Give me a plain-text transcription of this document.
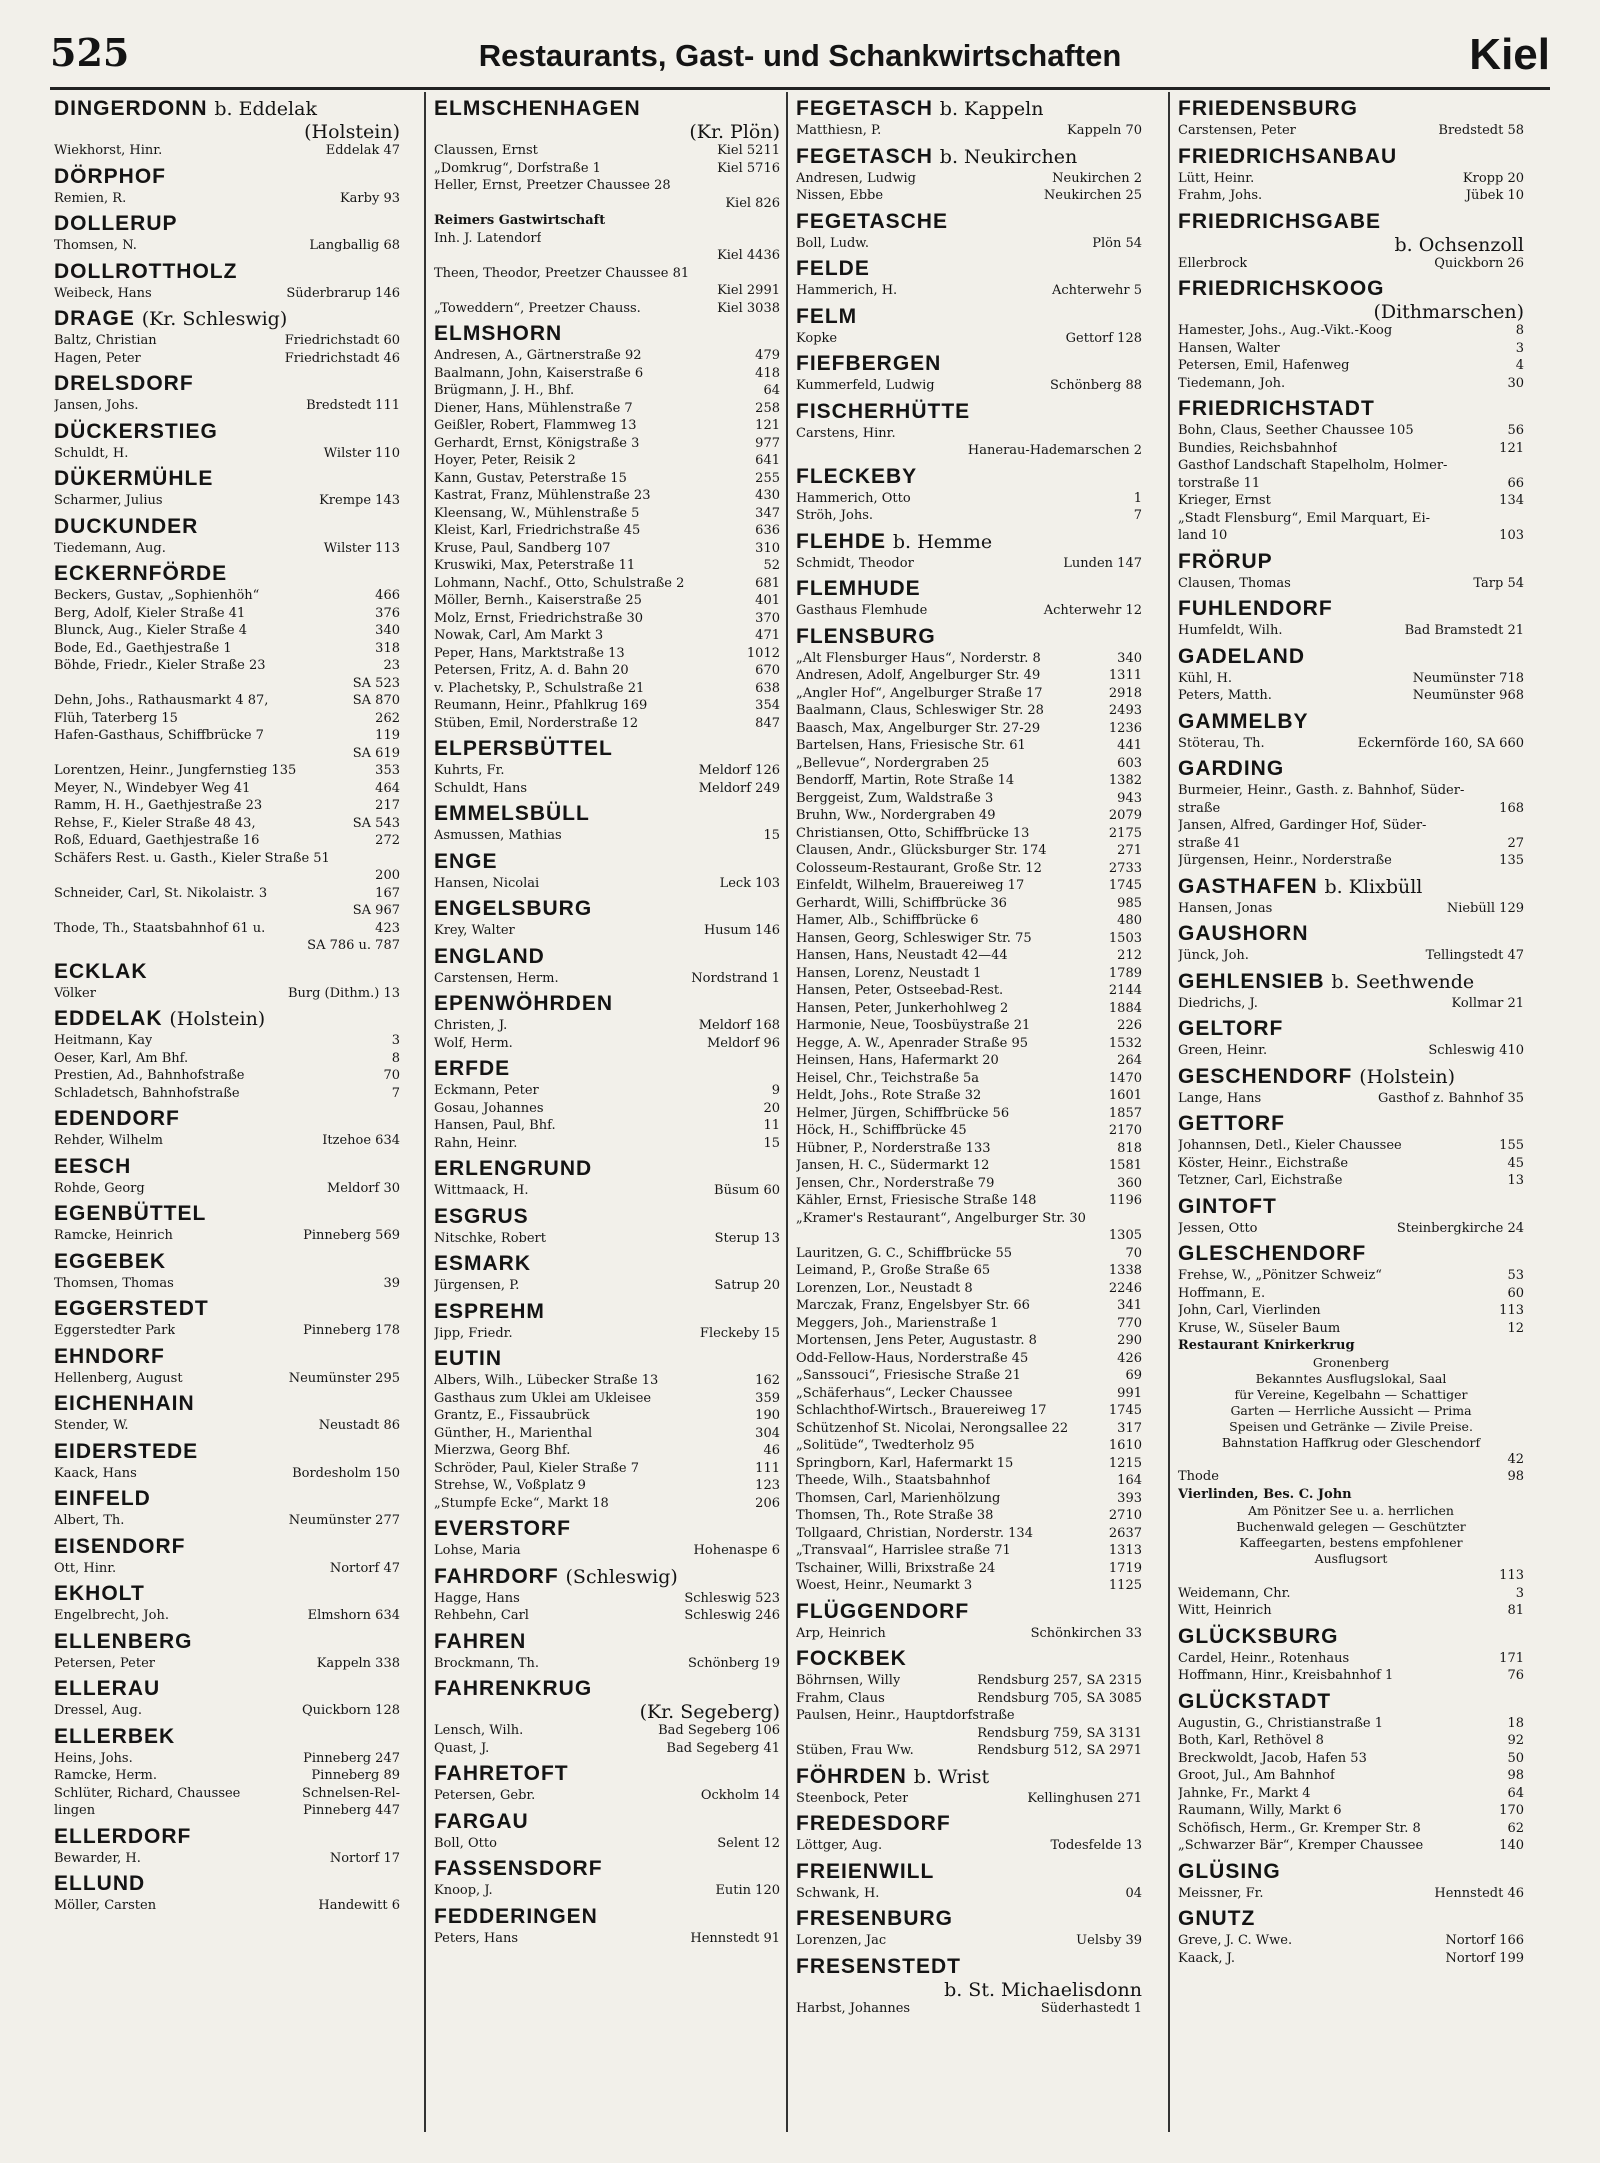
525	Restaurants, Gast- und Schankwirtschaften	Kiel
DINGERDONN b. Eddelak
(Holstein)
Wiekhorst, Hinr.	Eddelak 47
DÖRPHOF
Remien, R.	Karby 93
DOLLERUP
Thomsen, N.	Langballig 68
DOLLROTTHOLZ
Weibeck, Hans	Süderbrarup 146
DRAGE (Kr. Schleswig)
Baltz, Christian	Friedrichstadt 60
Hagen, Peter	Friedrichstadt 46
DRELSDORF
Jansen, Johs.	Bredstedt 111
DÜCKERSTIEG
Schuldt, H.	Wilster 110
DÜKERMÜHLE
Scharmer, Julius	Krempe 143
DUCKUNDER
Tiedemann, Aug.	Wilster 113
ECKERNFÖRDE
Beckers, Gustav, „Sophienhöh“	466
Berg, Adolf, Kieler Straße 41	376
Blunck, Aug., Kieler Straße 4	340
Bode, Ed., Gaethjestraße 1	318
Böhde, Friedr., Kieler Straße 23	23
SA 523
Dehn, Johs., Rathausmarkt 4 87,	SA 870
Flüh, Taterberg 15	262
Hafen-Gasthaus, Schiffbrücke 7	119
SA 619
Lorentzen, Heinr., Jungfernstieg 135	353
Meyer, N., Windebyer Weg 41	464
Ramm, H. H., Gaethjestraße 23	217
Rehse, F., Kieler Straße 48 43,	SA 543
Roß, Eduard, Gaethjestraße 16	272
Schäfers Rest. u. Gasth., Kieler Straße 51
200
Schneider, Carl, St. Nikolaistr. 3	167
SA 967
Thode, Th., Staatsbahnhof 61 u.	423
SA 786 u. 787
ECKLAK
Völker	Burg (Dithm.) 13
EDDELAK (Holstein)
Heitmann, Kay	3
Oeser, Karl, Am Bhf.	8
Prestien, Ad., Bahnhofstraße	70
Schladetsch, Bahnhofstraße	7
EDENDORF
Rehder, Wilhelm	Itzehoe 634
EESCH
Rohde, Georg	Meldorf 30
EGENBÜTTEL
Ramcke, Heinrich	Pinneberg 569
EGGEBEK
Thomsen, Thomas	39
EGGERSTEDT
Eggerstedter Park	Pinneberg 178
EHNDORF
Hellenberg, August	Neumünster 295
EICHENHAIN
Stender, W.	Neustadt 86
EIDERSTEDE
Kaack, Hans	Bordesholm 150
EINFELD
Albert, Th.	Neumünster 277
EISENDORF
Ott, Hinr.	Nortorf 47
EKHOLT
Engelbrecht, Joh.	Elmshorn 634
ELLENBERG
Petersen, Peter	Kappeln 338
ELLERAU
Dressel, Aug.	Quickborn 128
ELLERBEK
Heins, Johs.	Pinneberg 247
Ramcke, Herm.	Pinneberg 89
Schlüter, Richard, Chaussee	Schnelsen-Rel-
lingen	Pinneberg 447
ELLERDORF
Bewarder, H.	Nortorf 17
ELLUND
Möller, Carsten	Handewitt 6
ELMSCHENHAGEN
(Kr. Plön)
Claussen, Ernst	Kiel 5211
„Domkrug“, Dorfstraße 1	Kiel 5716
Heller, Ernst, Preetzer Chaussee 28
Kiel 826
Reimers Gastwirtschaft
Inh. J. Latendorf
Kiel 4436
Theen, Theodor, Preetzer Chaussee 81
Kiel 2991
„Toweddern“, Preetzer Chauss.	Kiel 3038
ELMSHORN
Andresen, A., Gärtnerstraße 92	479
Baalmann, John, Kaiserstraße 6	418
Brügmann, J. H., Bhf.	64
Diener, Hans, Mühlenstraße 7	258
Geißler, Robert, Flammweg 13	121
Gerhardt, Ernst, Königstraße 3	977
Hoyer, Peter, Reisik 2	641
Kann, Gustav, Peterstraße 15	255
Kastrat, Franz, Mühlenstraße 23	430
Kleensang, W., Mühlenstraße 5	347
Kleist, Karl, Friedrichstraße 45	636
Kruse, Paul, Sandberg 107	310
Kruswiki, Max, Peterstraße 11	52
Lohmann, Nachf., Otto, Schulstraße 2	681
Möller, Bernh., Kaiserstraße 25	401
Molz, Ernst, Friedrichstraße 30	370
Nowak, Carl, Am Markt 3	471
Peper, Hans, Marktstraße 13	1012
Petersen, Fritz, A. d. Bahn 20	670
v. Plachetsky, P., Schulstraße 21	638
Reumann, Heinr., Pfahlkrug 169	354
Stüben, Emil, Norderstraße 12	847
ELPERSBÜTTEL
Kuhrts, Fr.	Meldorf 126
Schuldt, Hans	Meldorf 249
EMMELSBÜLL
Asmussen, Mathias	15
ENGE
Hansen, Nicolai	Leck 103
ENGELSBURG
Krey, Walter	Husum 146
ENGLAND
Carstensen, Herm.	Nordstrand 1
EPENWÖHRDEN
Christen, J.	Meldorf 168
Wolf, Herm.	Meldorf 96
ERFDE
Eckmann, Peter	9
Gosau, Johannes	20
Hansen, Paul, Bhf.	11
Rahn, Heinr.	15
ERLENGRUND
Wittmaack, H.	Büsum 60
ESGRUS
Nitschke, Robert	Sterup 13
ESMARK
Jürgensen, P.	Satrup 20
ESPREHM
Jipp, Friedr.	Fleckeby 15
EUTIN
Albers, Wilh., Lübecker Straße 13	162
Gasthaus zum Uklei am Ukleisee	359
Grantz, E., Fissaubrück	190
Günther, H., Marienthal	304
Mierzwa, Georg Bhf.	46
Schröder, Paul, Kieler Straße 7	111
Strehse, W., Voßplatz 9	123
„Stumpfe Ecke“, Markt 18	206
EVERSTORF
Lohse, Maria	Hohenaspe 6
FAHRDORF (Schleswig)
Hagge, Hans	Schleswig 523
Rehbehn, Carl	Schleswig 246
FAHREN
Brockmann, Th.	Schönberg 19
FAHRENKRUG
(Kr. Segeberg)
Lensch, Wilh.	Bad Segeberg 106
Quast, J.	Bad Segeberg 41
FAHRETOFT
Petersen, Gebr.	Ockholm 14
FARGAU
Boll, Otto	Selent 12
FASSENSDORF
Knoop, J.	Eutin 120
FEDDERINGEN
Peters, Hans	Hennstedt 91
FEGETASCH b. Kappeln
Matthiesn, P.	Kappeln 70
FEGETASCH b. Neukirchen
Andresen, Ludwig	Neukirchen 2
Nissen, Ebbe	Neukirchen 25
FEGETASCHE
Boll, Ludw.	Plön 54
FELDE
Hammerich, H.	Achterwehr 5
FELM
Kopke	Gettorf 128
FIEFBERGEN
Kummerfeld, Ludwig	Schönberg 88
FISCHERHÜTTE
Carstens, Hinr.
Hanerau-Hademarschen 2
FLECKEBY
Hammerich, Otto	1
Ströh, Johs.	7
FLEHDE b. Hemme
Schmidt, Theodor	Lunden 147
FLEMHUDE
Gasthaus Flemhude	Achterwehr 12
FLENSBURG
„Alt Flensburger Haus“, Norderstr. 8	340
Andresen, Adolf, Angelburger Str. 49	1311
„Angler Hof“, Angelburger Straße 17	2918
Baalmann, Claus, Schleswiger Str. 28	2493
Baasch, Max, Angelburger Str. 27-29	1236
Bartelsen, Hans, Friesische Str. 61	441
„Bellevue“, Nordergraben 25	603
Bendorff, Martin, Rote Straße 14	1382
Berggeist, Zum, Waldstraße 3	943
Bruhn, Ww., Nordergraben 49	2079
Christiansen, Otto, Schiffbrücke 13	2175
Clausen, Andr., Glücksburger Str. 174	271
Colosseum-Restaurant, Große Str. 12	2733
Einfeldt, Wilhelm, Brauereiweg 17	1745
Gerhardt, Willi, Schiffbrücke 36	985
Hamer, Alb., Schiffbrücke 6	480
Hansen, Georg, Schleswiger Str. 75	1503
Hansen, Hans, Neustadt 42—44	212
Hansen, Lorenz, Neustadt 1	1789
Hansen, Peter, Ostseebad-Rest.	2144
Hansen, Peter, Junkerhohlweg 2	1884
Harmonie, Neue, Toosbüystraße 21	226
Hegge, A. W., Apenrader Straße 95	1532
Heinsen, Hans, Hafermarkt 20	264
Heisel, Chr., Teichstraße 5a	1470
Heldt, Johs., Rote Straße 32	1601
Helmer, Jürgen, Schiffbrücke 56	1857
Höck, H., Schiffbrücke 45	2170
Hübner, P., Norderstraße 133	818
Jansen, H. C., Südermarkt 12	1581
Jensen, Chr., Norderstraße 79	360
Kähler, Ernst, Friesische Straße 148	1196
„Kramer's Restaurant“, Angelburger Str. 30
1305
Lauritzen, G. C., Schiffbrücke 55	70
Leimand, P., Große Straße 65	1338
Lorenzen, Lor., Neustadt 8	2246
Marczak, Franz, Engelsbyer Str. 66	341
Meggers, Joh., Marienstraße 1	770
Mortensen, Jens Peter, Augustastr. 8	290
Odd-Fellow-Haus, Norderstraße 45	426
„Sanssouci“, Friesische Straße 21	69
„Schäferhaus“, Lecker Chaussee	991
Schlachthof-Wirtsch., Brauereiweg 17	1745
Schützenhof St. Nicolai, Nerongsallee 22	317
„Solitüde“, Twedterholz 95	1610
Springborn, Karl, Hafermarkt 15	1215
Theede, Wilh., Staatsbahnhof	164
Thomsen, Carl, Marienhölzung	393
Thomsen, Th., Rote Straße 38	2710
Tollgaard, Christian, Norderstr. 134	2637
„Transvaal“, Harrislee straße 71	1313
Tschainer, Willi, Brixstraße 24	1719
Woest, Heinr., Neumarkt 3	1125
FLÜGGENDORF
Arp, Heinrich	Schönkirchen 33
FOCKBEK
Böhrnsen, Willy	Rendsburg 257, SA 2315
Frahm, Claus	Rendsburg 705, SA 3085
Paulsen, Heinr., Hauptdorfstraße
Rendsburg 759, SA 3131
Stüben, Frau Ww.	Rendsburg 512, SA 2971
FÖHRDEN b. Wrist
Steenbock, Peter	Kellinghusen 271
FREDESDORF
Löttger, Aug.	Todesfelde 13
FREIENWILL
Schwank, H.	04
FRESENBURG
Lorenzen, Jac	Uelsby 39
FRESENSTEDT
b. St. Michaelisdonn
Harbst, Johannes	Süderhastedt 1
FRIEDENSBURG
Carstensen, Peter	Bredstedt 58
FRIEDRICHSANBAU
Lütt, Heinr.	Kropp 20
Frahm, Johs.	Jübek 10
FRIEDRICHSGABE
b. Ochsenzoll
Ellerbrock	Quickborn 26
FRIEDRICHSKOOG
(Dithmarschen)
Hamester, Johs., Aug.-Vikt.-Koog	8
Hansen, Walter	3
Petersen, Emil, Hafenweg	4
Tiedemann, Joh.	30
FRIEDRICHSTADT
Bohn, Claus, Seether Chaussee 105	56
Bundies, Reichsbahnhof	121
Gasthof Landschaft Stapelholm, Holmer-
torstraße 11	66
Krieger, Ernst	134
„Stadt Flensburg“, Emil Marquart, Ei-
land 10	103
FRÖRUP
Clausen, Thomas	Tarp 54
FUHLENDORF
Humfeldt, Wilh.	Bad Bramstedt 21
GADELAND
Kühl, H.	Neumünster 718
Peters, Matth.	Neumünster 968
GAMMELBY
Stöterau, Th.	Eckernförde 160, SA 660
GARDING
Burmeier, Heinr., Gasth. z. Bahnhof, Süder-
straße	168
Jansen, Alfred, Gardinger Hof, Süder-
straße 41	27
Jürgensen, Heinr., Norderstraße	135
GASTHAFEN b. Klixbüll
Hansen, Jonas	Niebüll 129
GAUSHORN
Jünck, Joh.	Tellingstedt 47
GEHLENSIEB b. Seethwende
Diedrichs, J.	Kollmar 21
GELTORF
Green, Heinr.	Schleswig 410
GESCHENDORF (Holstein)
Lange, Hans	Gasthof z. Bahnhof 35
GETTORF
Johannsen, Detl., Kieler Chaussee	155
Köster, Heinr., Eichstraße	45
Tetzner, Carl, Eichstraße	13
GINTOFT
Jessen, Otto	Steinbergkirche 24
GLESCHENDORF
Frehse, W., „Pönitzer Schweiz“	53
Hoffmann, E.	60
John, Carl, Vierlinden	113
Kruse, W., Süseler Baum	12
Restaurant Knirkerkrug
Gronenberg
Bekanntes Ausflugslokal, Saal
für Vereine, Kegelbahn — Schattiger
Garten — Herrliche Aussicht — Prima
Speisen und Getränke — Zivile Preise.
Bahnstation Haffkrug oder Gleschendorf
42
Thode	98
Vierlinden, Bes. C. John
Am Pönitzer See u. a. herrlichen
Buchenwald gelegen — Geschützter
Kaffeegarten, bestens empfohlener
Ausflugsort
113
Weidemann, Chr.	3
Witt, Heinrich	81
GLÜCKSBURG
Cardel, Heinr., Rotenhaus	171
Hoffmann, Hinr., Kreisbahnhof 1	76
GLÜCKSTADT
Augustin, G., Christianstraße 1	18
Both, Karl, Rethövel 8	92
Breckwoldt, Jacob, Hafen 53	50
Groot, Jul., Am Bahnhof	98
Jahnke, Fr., Markt 4	64
Raumann, Willy, Markt 6	170
Schöfisch, Herm., Gr. Kremper Str. 8	62
„Schwarzer Bär“, Kremper Chaussee	140
GLÜSING
Meissner, Fr.	Hennstedt 46
GNUTZ
Greve, J. C. Wwe.	Nortorf 166
Kaack, J.	Nortorf 199
